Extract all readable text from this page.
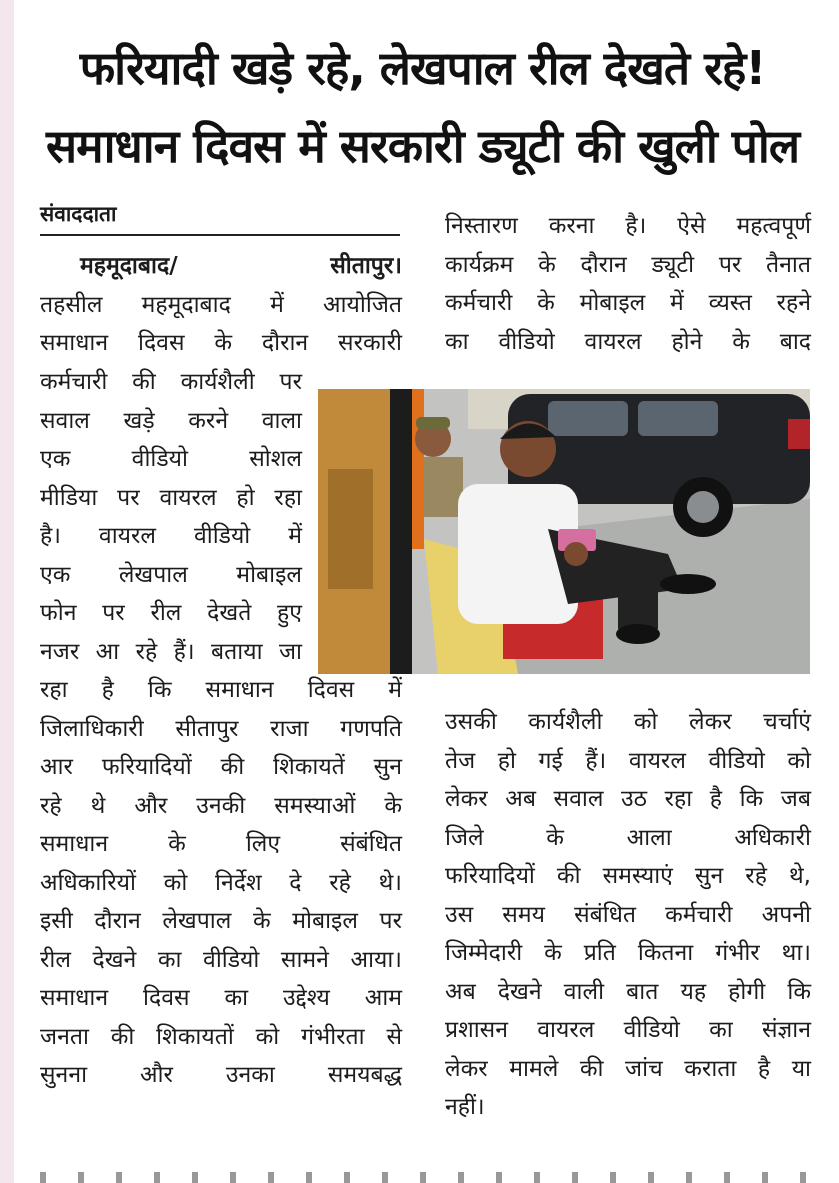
फरियादी खड़े रहे, लेखपाल रील देखते रहे!
समाधान दिवस में सरकारी ड्यूटी की खुली पोल
संवाददाता
महमूदाबाद/	सीतापुर।

तहसील महमूदाबाद में आयोजित

समाधान दिवस के दौरान सरकारी

कर्मचारी की कार्यशैली पर

सवाल खड़े करने वाला

एक वीडियो सोशल

मीडिया पर वायरल हो रहा

है। वायरल वीडियो में

एक लेखपाल मोबाइल

फोन पर रील देखते हुए

नजर आ रहे हैं। बताया जा

रहा है कि समाधान दिवस में

जिलाधिकारी सीतापुर राजा गणपति

आर फरियादियों की शिकायतें सुन

रहे थे और उनकी समस्याओं के

समाधान के लिए संबंधित

अधिकारियों को निर्देश दे रहे थे।

इसी दौरान लेखपाल के मोबाइल पर

रील देखने का वीडियो सामने आया।

समाधान दिवस का उद्देश्य आम

जनता की शिकायतों को गंभीरता से

सुनना और उनका समयबद्ध

निस्तारण करना है। ऐसे महत्वपूर्ण

कार्यक्रम के दौरान ड्यूटी पर तैनात

कर्मचारी के मोबाइल में व्यस्त रहने

का वीडियो वायरल होने के बाद

उसकी कार्यशैली को लेकर चर्चाएं

तेज हो गई हैं। वायरल वीडियो को

लेकर अब सवाल उठ रहा है कि जब

जिले के आला अधिकारी

फरियादियों की समस्याएं सुन रहे थे,

उस समय संबंधित कर्मचारी अपनी

जिम्मेदारी के प्रति कितना गंभीर था।

अब देखने वाली बात यह होगी कि

प्रशासन वायरल वीडियो का संज्ञान

लेकर मामले की जांच कराता है या

नहीं।
